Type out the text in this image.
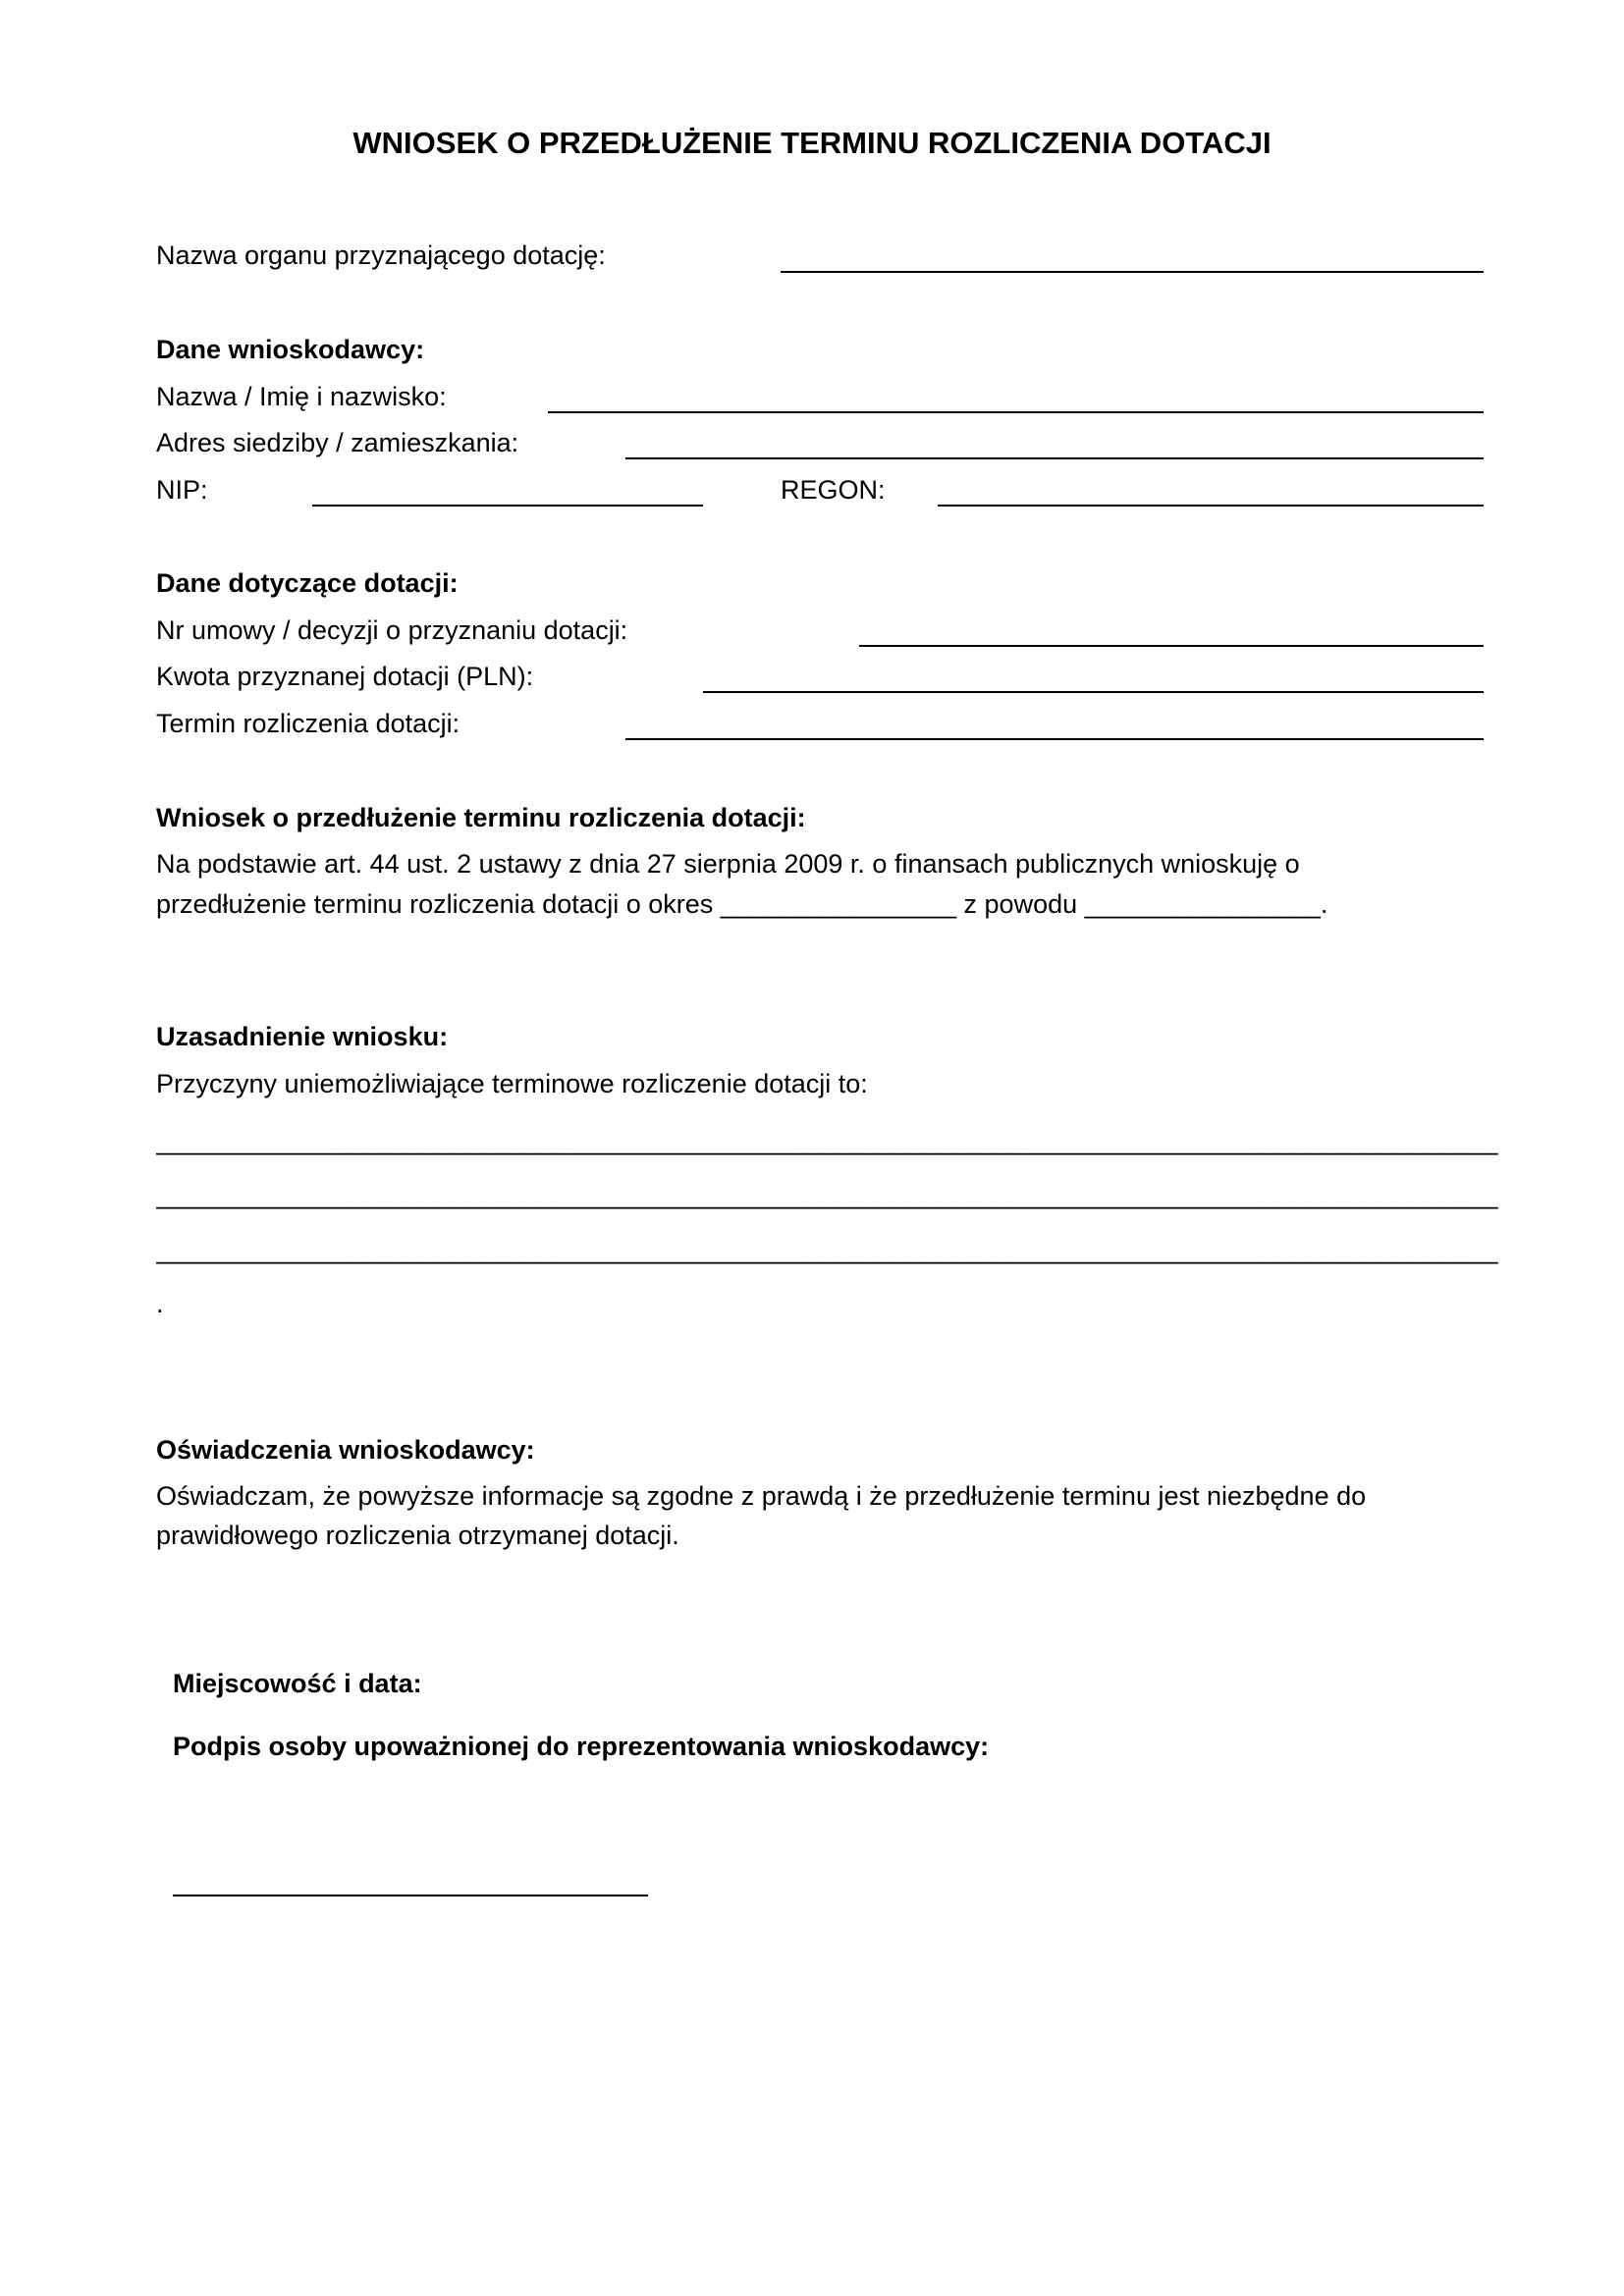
WNIOSEK O PRZEDŁUŻENIE TERMINU ROZLICZENIA DOTACJI
Nazwa organu przyznającego dotację:
Dane wnioskodawcy:
Nazwa / Imię i nazwisko:
Adres siedziby / zamieszkania:
NIP:	REGON:
Dane dotyczące dotacji:
Nr umowy / decyzji o przyznaniu dotacji:
Kwota przyznanej dotacji (PLN):
Termin rozliczenia dotacji:
Wniosek o przedłużenie terminu rozliczenia dotacji:
Na podstawie art. 44 ust. 2 ustawy z dnia 27 sierpnia 2009 r. o finansach publicznych wnioskuję o
przedłużenie terminu rozliczenia dotacji o okres ________________ z powodu ________________.
Uzasadnienie wniosku:
Przyczyny uniemożliwiające terminowe rozliczenie dotacji to:
___________________________________________________________________________________________
___________________________________________________________________________________________
___________________________________________________________________________________________
.
Oświadczenia wnioskodawcy:
Oświadczam, że powyższe informacje są zgodne z prawdą i że przedłużenie terminu jest niezbędne do
prawidłowego rozliczenia otrzymanej dotacji.
Miejscowość i data:
Podpis osoby upoważnionej do reprezentowania wnioskodawcy:
